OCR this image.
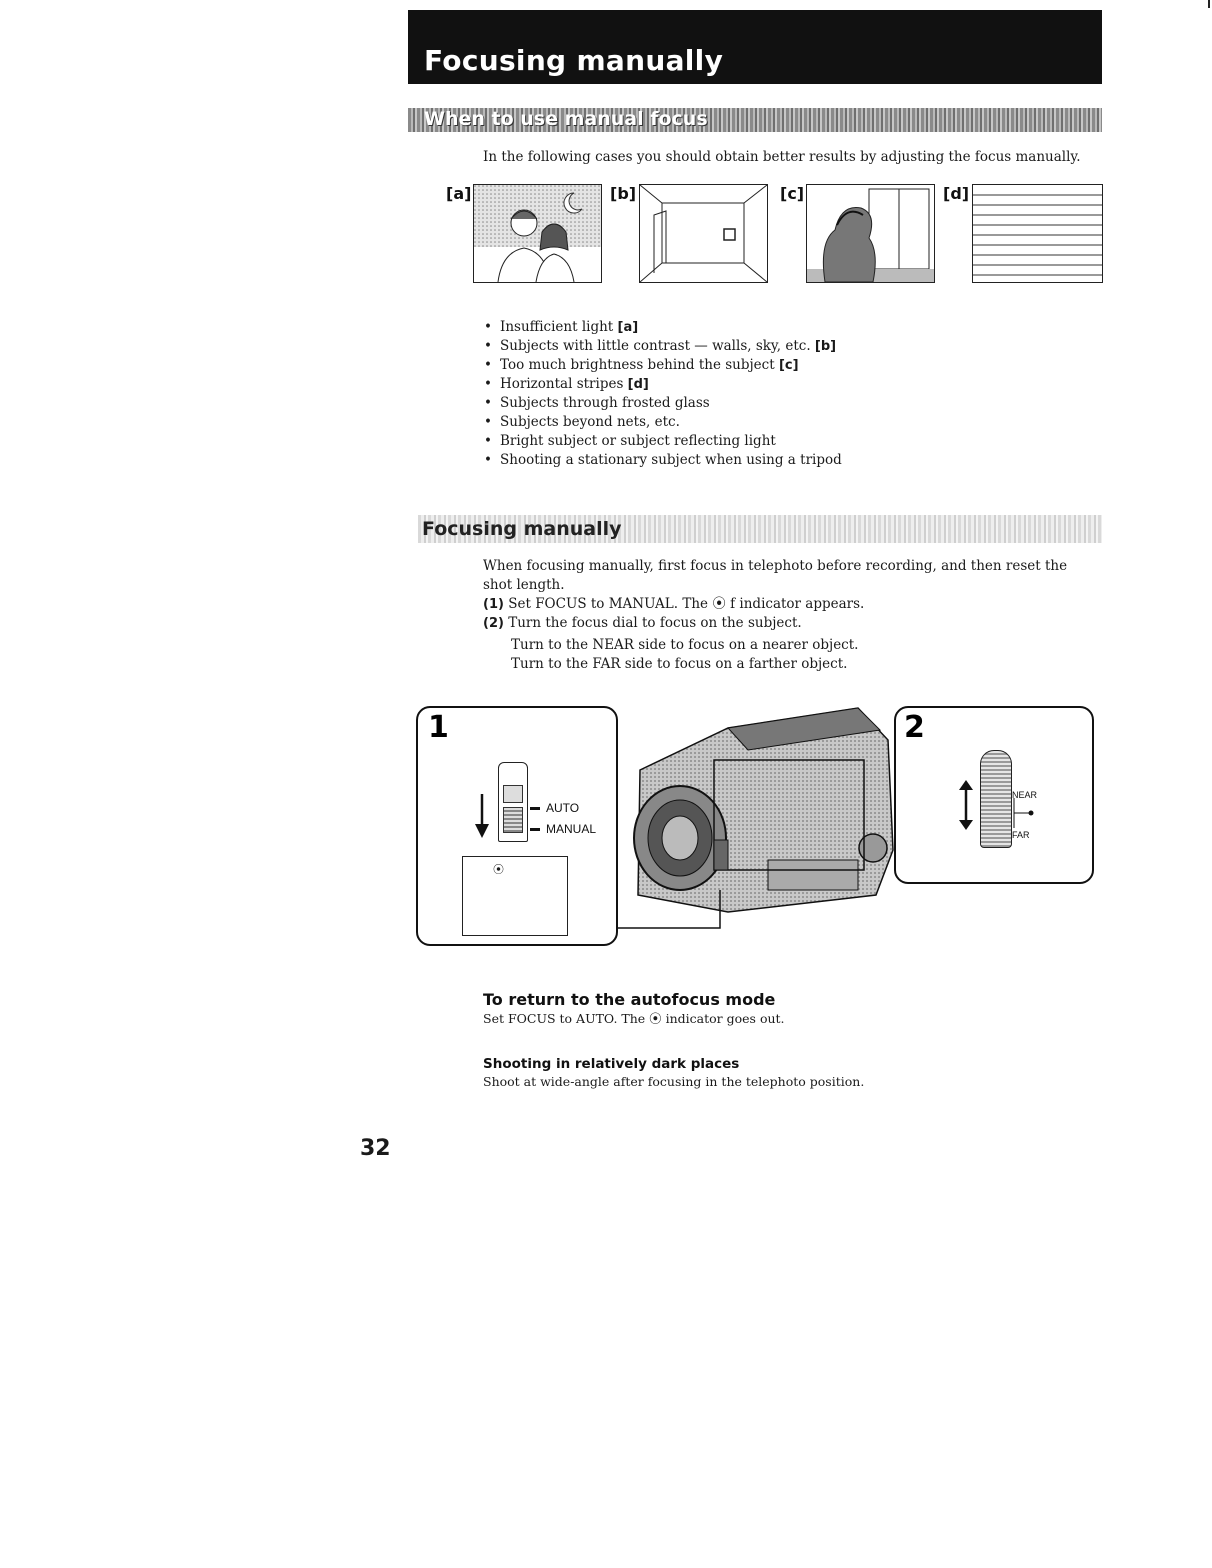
Focusing manually
When to use manual focus
In the following cases you should obtain better results by adjusting the focus manually.
[a]	[b]	[c]	[d]
• Insufficient light [a]
• Subjects with little contrast — walls, sky, etc. [b]
• Too much brightness behind the subject [c]
• Horizontal stripes [d]
• Subjects through frosted glass
• Subjects beyond nets, etc.
• Bright subject or subject reflecting light
• Shooting a stationary subject when using a tripod
Focusing manually
When focusing manually, first focus in telephoto before recording, and then reset the shot length.
(1) Set FOCUS to MANUAL. The ⦿ f indicator appears.
(2) Turn the focus dial to focus on the subject.
Turn to the NEAR side to focus on a nearer object.
Turn to the FAR side to focus on a farther object.
1
AUTO
MANUAL
⦿
2
NEAR
FAR
To return to the autofocus mode
Set FOCUS to AUTO. The ⦿ indicator goes out.
Shooting in relatively dark places
Shoot at wide-angle after focusing in the telephoto position.
32
